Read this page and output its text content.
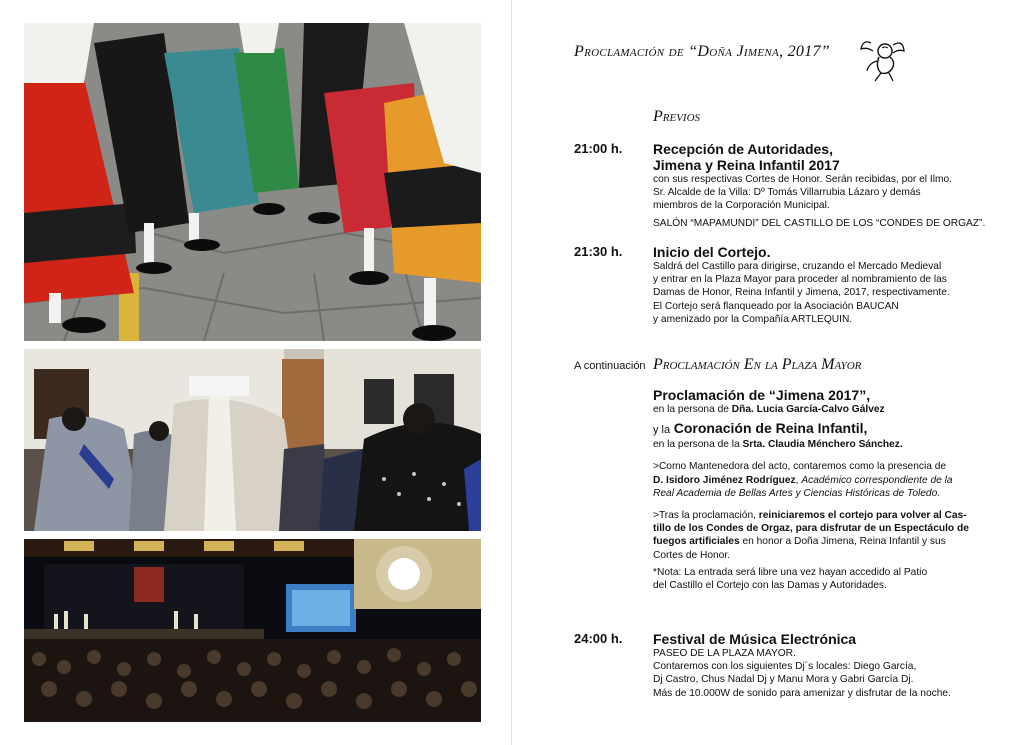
Proclamación de “Doña Jimena, 2017”
Previos
21:00 h. Recepción de Autoridades,
Jimena y Reina Infantil 2017
con sus respectivas Cortes de Honor. Serán recibidas, por el Ilmo.
Sr. Alcalde de la Villa: Dº Tomás Villarrubia Lázaro y demás
miembros de la Corporación Municipal.
SALÓN “MAPAMUNDI” DEL CASTILLO DE LOS “CONDES DE ORGAZ”.
21:30 h. Inicio del Cortejo.
Saldrá del Castillo para dirigirse, cruzando el Mercado Medieval
y entrar en la Plaza Mayor para proceder al nombramiento de las
Damas de Honor, Reina Infantil y Jimena, 2017, respectivamente.
El Cortejo será flanqueado por la Asociación BAUCAN
y amenizado por la Compañía ARTLEQUIN.
A continuación Proclamación En la Plaza Mayor
Proclamación de “Jimena 2017”,
en la persona de Dña. Lucia García-Calvo Gálvez
y la Coronación de Reina Infantil,
en la persona de la Srta. Claudia Ménchero Sánchez.
>Como Mantenedora del acto, contaremos como la presencia de
D. Isidoro Jiménez Rodríguez, Académico correspondiente de la
Real Academia de Bellas Artes y Ciencias Históricas de Toledo.
>Tras la proclamación, reiniciaremos el cortejo para volver al Cas-
tillo de los Condes de Orgaz, para disfrutar de un Espectáculo de
fuegos artificiales en honor a Doña Jimena, Reina Infantil y sus
Cortes de Honor.
*Nota: La entrada será libre una vez hayan accedido al Patio
del Castillo el Cortejo con las Damas y Autoridades.
24:00 h. Festival de Música Electrónica
PASEO DE LA PLAZA MAYOR.
Contaremos con los siguientes Dj´s locales: Diego García,
Dj Castro, Chus Nadal Dj y Manu Mora y Gabri García Dj.
Más de 10.000W de sonido para amenizar y disfrutar de la noche.
